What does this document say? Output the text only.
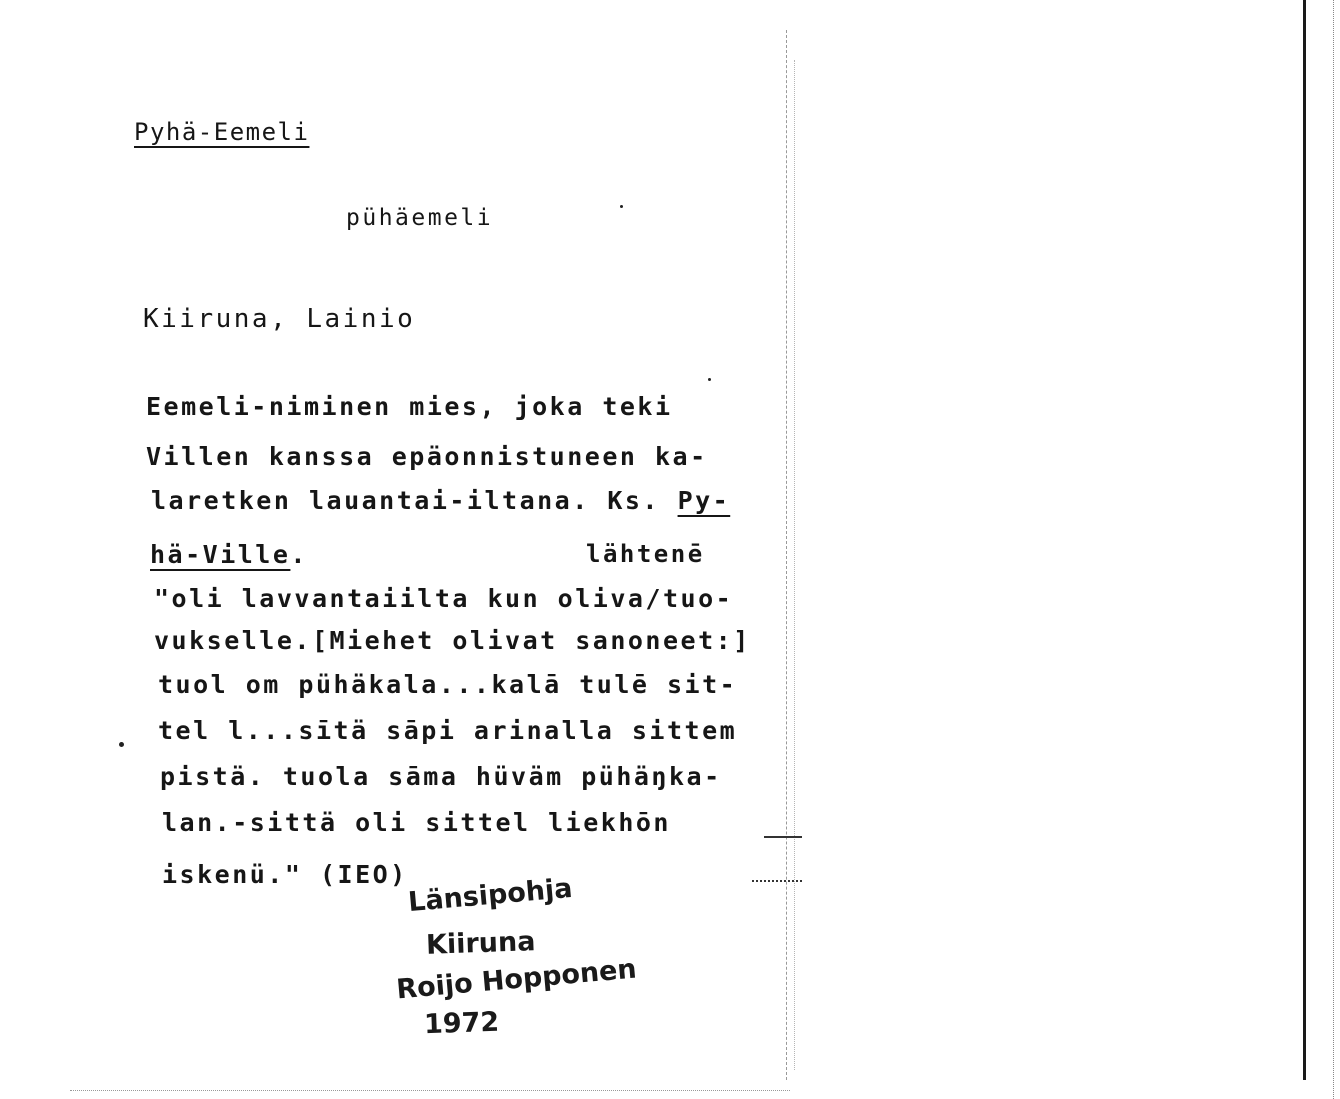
Pyhä-Eemeli
pühäemeli
Kiiruna, Lainio
Eemeli-niminen mies, joka teki
Villen kanssa epäonnistuneen ka-
laretken lauantai-iltana. Ks. Py-
hä-Ville.	lähtenē
"oli lavvantaiilta kun oliva/tuo-
vukselle.[Miehet olivat sanoneet:]
tuol om pühäkala...kalā tulē sit-
tel l...sītä sāpi arinalla sittem
pistä. tuola sāma hüväm pühäŋka-
lan.-sittä oli sittel liekhōn
iskenü." (IEO) Länsipohja
Kiiruna
Roijo Hopponen
1972
